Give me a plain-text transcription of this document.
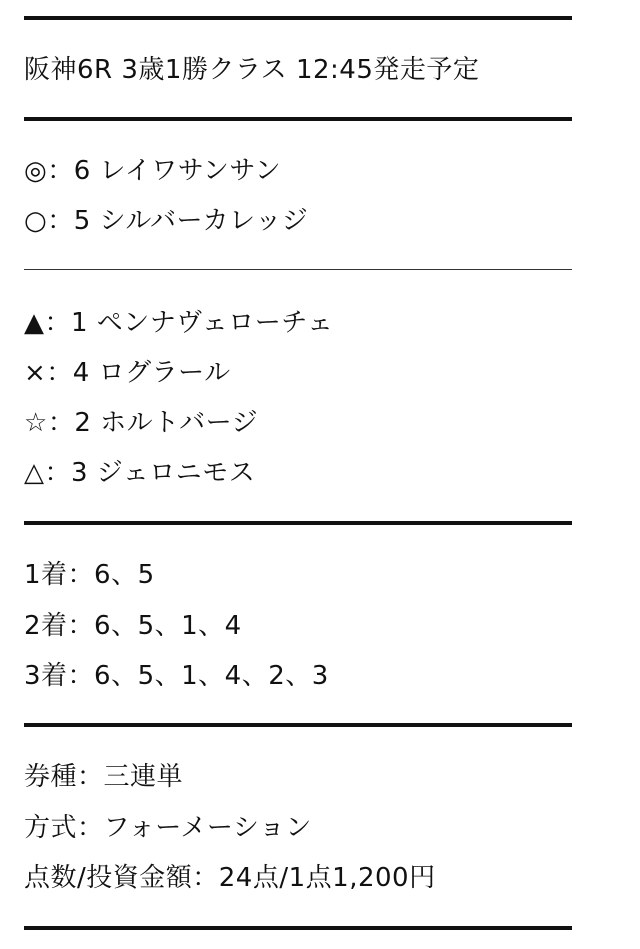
阪神6R 3歳1勝クラス 12:45発走予定
◎：6 レイワサンサン
○：5 シルバーカレッジ
▲：1 ペンナヴェローチェ
×：4 ログラール
☆：2 ホルトバージ
△：3 ジェロニモス
1着：6、5
2着：6、5、1、4
3着：6、5、1、4、2、3
券種：三連単
方式：フォーメーション
点数/投資金額：24点/1点1,200円
